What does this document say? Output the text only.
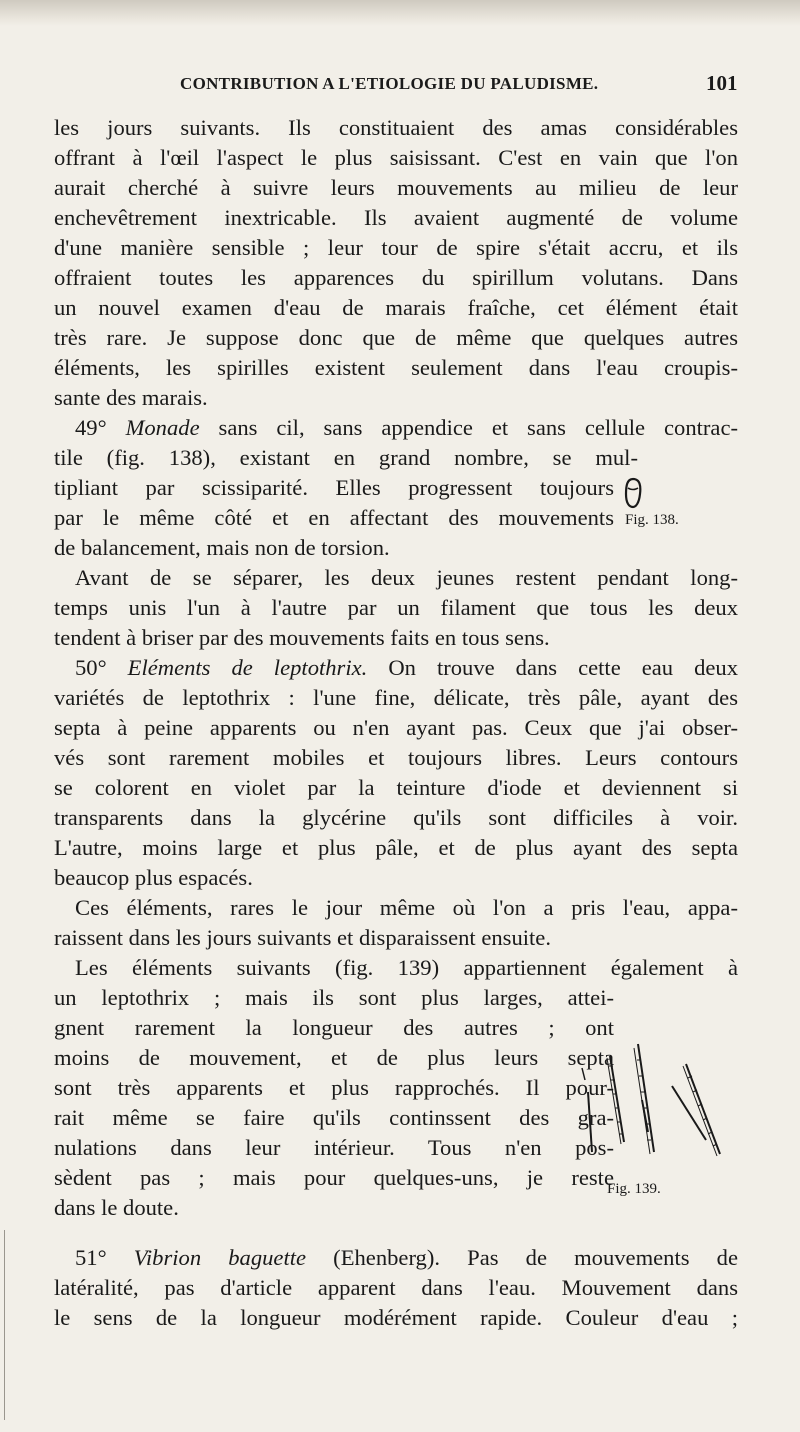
CONTRIBUTION A L'ETIOLOGIE DU PALUDISME.	101
les jours suivants. Ils constituaient des amas considérables
offrant à l'œil l'aspect le plus saisissant. C'est en vain que l'on
aurait cherché à suivre leurs mouvements au milieu de leur
enchevêtrement inextricable. Ils avaient augmenté de volume
d'une manière sensible ; leur tour de spire s'était accru, et ils
offraient toutes les apparences du spirillum volutans. Dans
un nouvel examen d'eau de marais fraîche, cet élément était
très rare. Je suppose donc que de même que quelques autres
éléments, les spirilles existent seulement dans l'eau croupis-
sante des marais.
49° Monade sans cil, sans appendice et sans cellule contrac-
tile (fig. 138), existant en grand nombre, se mul-
tipliant par scissiparité. Elles progressent toujours
par le même côté et en affectant des mouvements
de balancement, mais non de torsion.
Fig. 138.
Avant de se séparer, les deux jeunes restent pendant long-
temps unis l'un à l'autre par un filament que tous les deux
tendent à briser par des mouvements faits en tous sens.
50° Eléments de leptothrix. On trouve dans cette eau deux
variétés de leptothrix : l'une fine, délicate, très pâle, ayant des
septa à peine apparents ou n'en ayant pas. Ceux que j'ai obser-
vés sont rarement mobiles et toujours libres. Leurs contours
se colorent en violet par la teinture d'iode et deviennent si
transparents dans la glycérine qu'ils sont difficiles à voir.
L'autre, moins large et plus pâle, et de plus ayant des septa
beaucop plus espacés.
Ces éléments, rares le jour même où l'on a pris l'eau, appa-
raissent dans les jours suivants et disparaissent ensuite.
Les éléments suivants (fig. 139) appartiennent également à
un leptothrix ; mais ils sont plus larges, attei-
gnent rarement la longueur des autres ; ont
moins de mouvement, et de plus leurs septa
sont très apparents et plus rapprochés. Il pour-
rait même se faire qu'ils continssent des gra-
nulations dans leur intérieur. Tous n'en pos-
sèdent pas ; mais pour quelques-uns, je reste
dans le doute.
Fig. 139.
51° Vibrion baguette (Ehenberg). Pas de mouvements de
latéralité, pas d'article apparent dans l'eau. Mouvement dans
le sens de la longueur modérément rapide. Couleur d'eau ;
